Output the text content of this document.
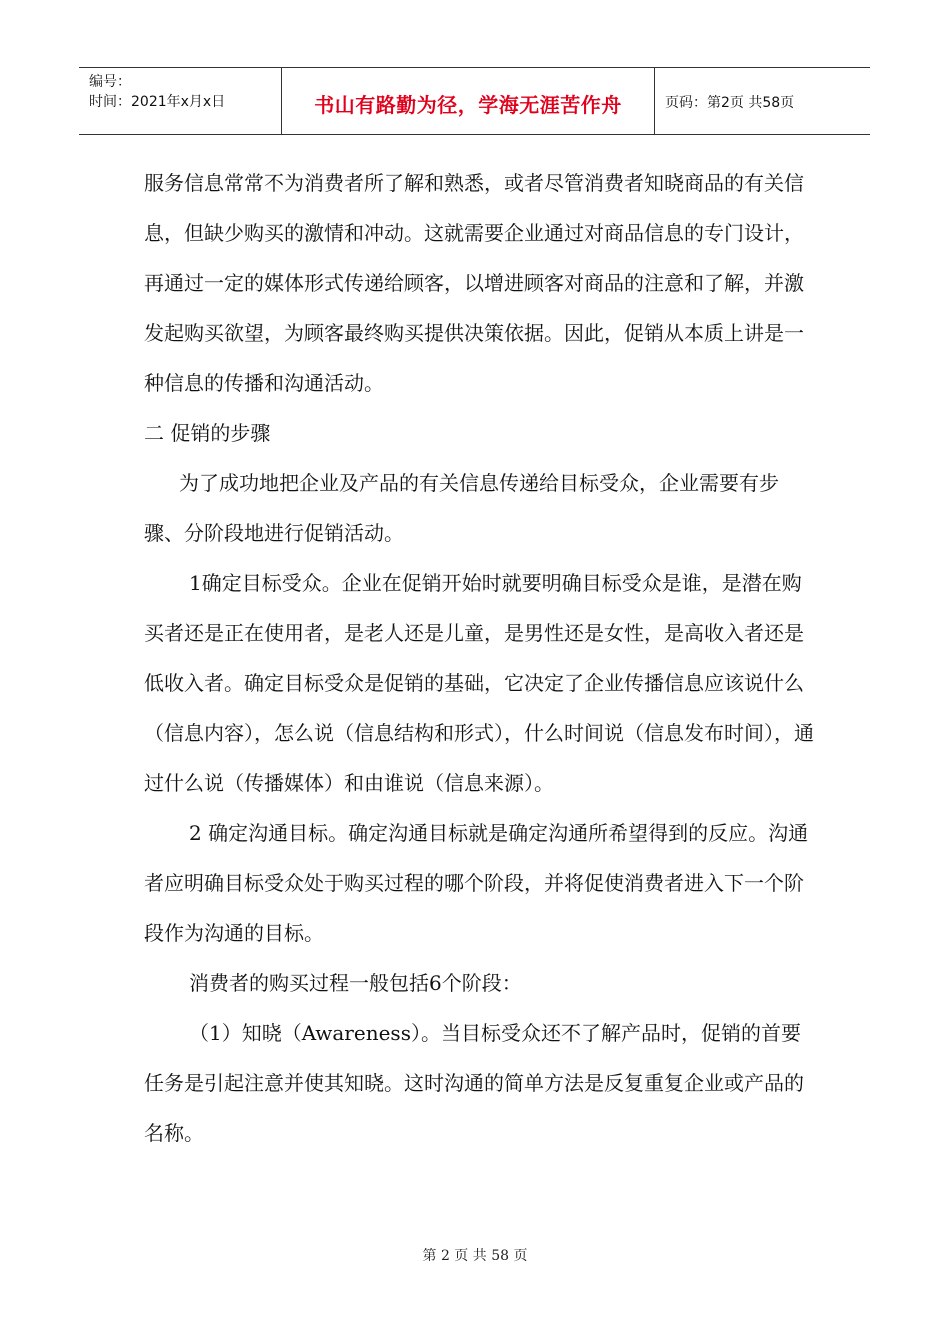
编号：
时间：2021年x月x日	书山有路勤为径，学海无涯苦作舟	页码：第2页 共58页

服务信息常常不为消费者所了解和熟悉，或者尽管消费者知晓商品的有关信息，但缺少购买的激情和冲动。这就需要企业通过对商品信息的专门设计，再通过一定的媒体形式传递给顾客，以增进顾客对商品的注意和了解，并激发起购买欲望，为顾客最终购买提供决策依据。因此，促销从本质上讲是一种信息的传播和沟通活动。

二 促销的步骤

为了成功地把企业及产品的有关信息传递给目标受众，企业需要有步骤、分阶段地进行促销活动。

1确定目标受众。企业在促销开始时就要明确目标受众是谁，是潜在购买者还是正在使用者，是老人还是儿童，是男性还是女性，是高收入者还是低收入者。确定目标受众是促销的基础，它决定了企业传播信息应该说什么（信息内容），怎么说（信息结构和形式），什么时间说（信息发布时间），通过什么说（传播媒体）和由谁说（信息来源）。

2 确定沟通目标。确定沟通目标就是确定沟通所希望得到的反应。沟通者应明确目标受众处于购买过程的哪个阶段，并将促使消费者进入下一个阶段作为沟通的目标。

消费者的购买过程一般包括6个阶段：

（1）知晓（Awareness）。当目标受众还不了解产品时，促销的首要任务是引起注意并使其知晓。这时沟通的简单方法是反复重复企业或产品的名称。

第 2 页 共 58 页
